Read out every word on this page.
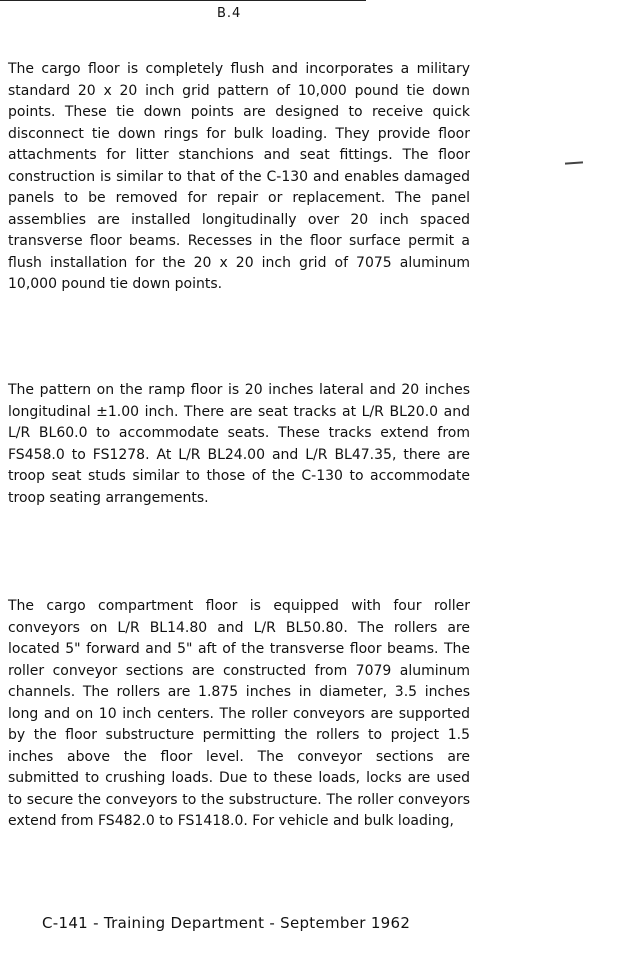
B.4

The cargo floor is completely flush and incorporates a military standard 20 x 20 inch grid pattern of 10,000 pound tie down points. These tie down points are designed to receive quick disconnect tie down rings for bulk loading. They provide floor attachments for litter stanchions and seat fittings. The floor construction is similar to that of the C-130 and enables damaged panels to be removed for repair or replacement. The panel assemblies are installed longitudinally over 20 inch spaced transverse floor beams. Recesses in the floor surface permit a flush installation for the 20 x 20 inch grid of 7075 aluminum 10,000 pound tie down points.

The pattern on the ramp floor is 20 inches lateral and 20 inches longitudinal ±1.00 inch. There are seat tracks at L/R BL20.0 and L/R BL60.0 to accommodate seats. These tracks extend from FS458.0 to FS1278. At L/R BL24.00 and L/R BL47.35, there are troop seat studs similar to those of the C-130 to accommodate troop seating arrangements.

The cargo compartment floor is equipped with four roller conveyors on L/R BL14.80 and L/R BL50.80. The rollers are located 5" forward and 5" aft of the transverse floor beams. The roller conveyor sections are constructed from 7079 aluminum channels. The rollers are 1.875 inches in diameter, 3.5 inches long and on 10 inch centers. The roller conveyors are supported by the floor substructure permitting the rollers to project 1.5 inches above the floor level. The conveyor sections are submitted to crushing loads. Due to these loads, locks are used to secure the conveyors to the substructure. The roller conveyors extend from FS482.0 to FS1418.0. For vehicle and bulk loading,

C-141 - Training Department - September 1962
